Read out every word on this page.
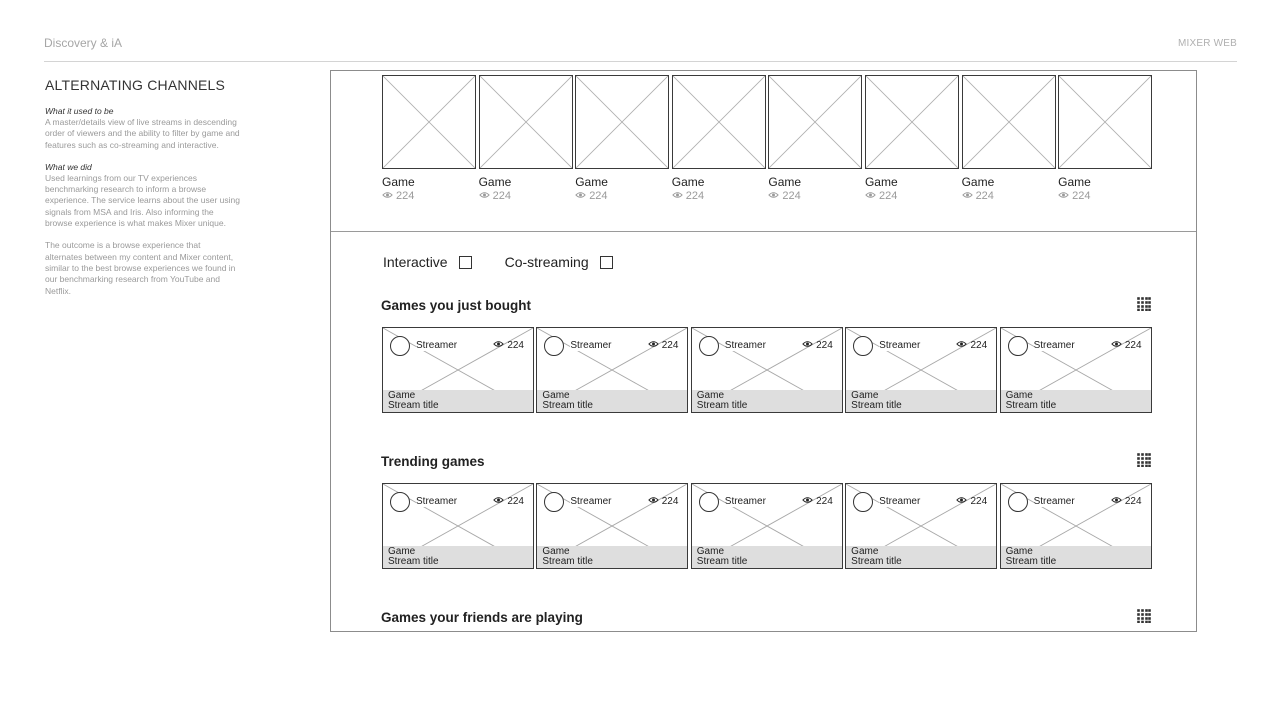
Discovery & iA	MIXER WEB
ALTERNATING CHANNELS
What it used to be

A master/details view of live streams in descending order of viewers and the ability to filter by game and features such as co-streaming and interactive.

What we did

Used learnings from our TV experiences benchmarking research to inform a browse experience. The service learns about the user using signals from MSA and Iris. Also informing the browse experience is what makes Mixer unique.

The outcome is a browse experience that alternates between my content and Mixer content, similar to the best browse experiences we found in our benchmarking research from YouTube and Netflix.

Game
224
Game
224
Game
224
Game
224
Game
224
Game
224
Game
224
Game
224
Interactive	Co-streaming
Games you just bought
Streamer	224
Game
Stream title
Streamer	224
Game
Stream title
Streamer	224
Game
Stream title
Streamer	224
Game
Stream title
Streamer	224
Game
Stream title
Trending games
Streamer	224
Game
Stream title
Streamer	224
Game
Stream title
Streamer	224
Game
Stream title
Streamer	224
Game
Stream title
Streamer	224
Game
Stream title
Games your friends are playing
